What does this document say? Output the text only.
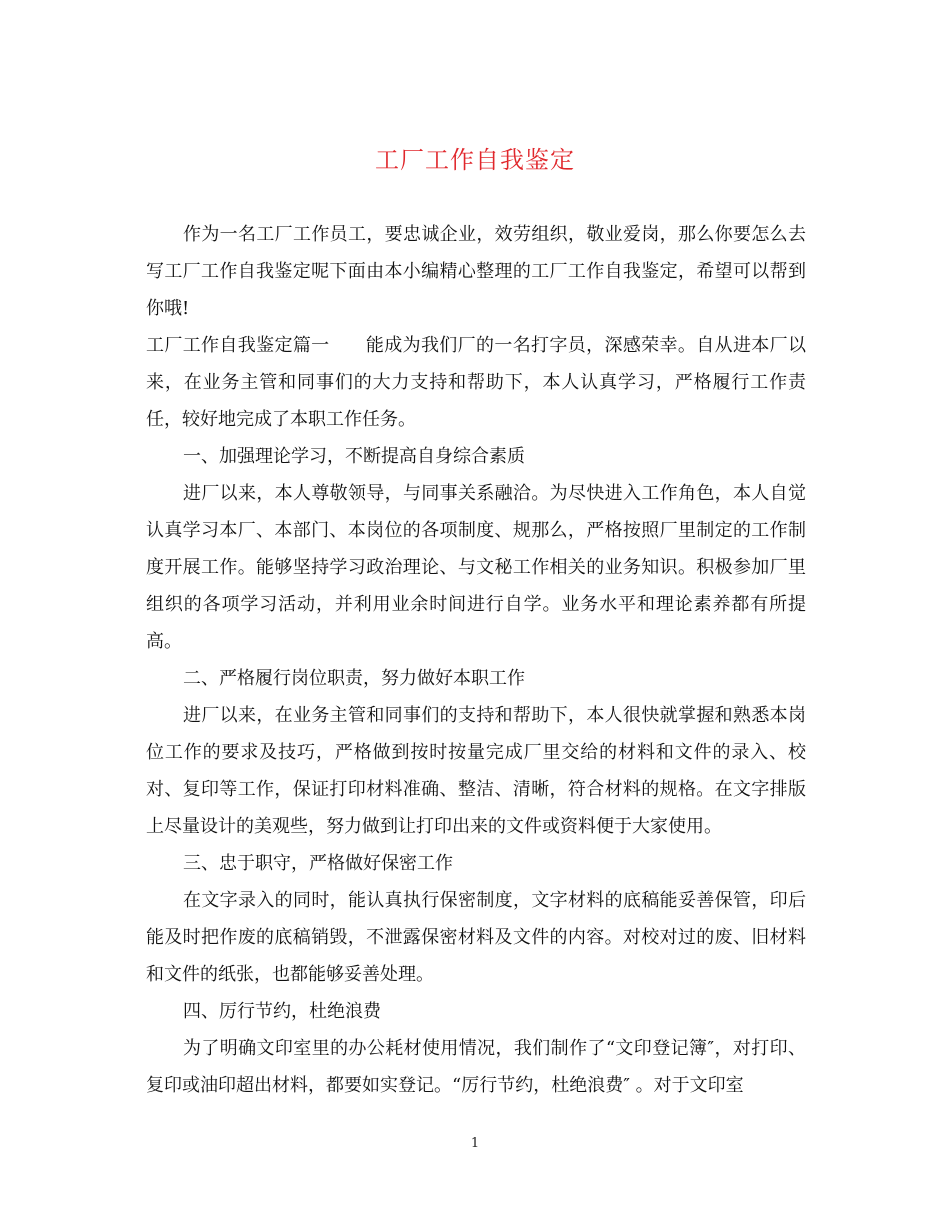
工厂工作自我鉴定

作为一名工厂工作员工，要忠诚企业，效劳组织，敬业爱岗，那么你要怎么去写工厂工作自我鉴定呢下面由本小编精心整理的工厂工作自我鉴定，希望可以帮到你哦!

工厂工作自我鉴定篇一 能成为我们厂的一名打字员，深感荣幸。自从进本厂以来，在业务主管和同事们的大力支持和帮助下，本人认真学习，严格履行工作责任，较好地完成了本职工作任务。

一、加强理论学习，不断提高自身综合素质

进厂以来，本人尊敬领导，与同事关系融洽。为尽快进入工作角色，本人自觉认真学习本厂、本部门、本岗位的各项制度、规那么，严格按照厂里制定的工作制度开展工作。能够坚持学习政治理论、与文秘工作相关的业务知识。积极参加厂里组织的各项学习活动，并利用业余时间进行自学。业务水平和理论素养都有所提高。

二、严格履行岗位职责，努力做好本职工作

进厂以来，在业务主管和同事们的支持和帮助下，本人很快就掌握和熟悉本岗位工作的要求及技巧，严格做到按时按量完成厂里交给的材料和文件的录入、校对、复印等工作，保证打印材料准确、整洁、清晰，符合材料的规格。在文字排版上尽量设计的美观些，努力做到让打印出来的文件或资料便于大家使用。

三、忠于职守，严格做好保密工作

在文字录入的同时，能认真执行保密制度，文字材料的底稿能妥善保管，印后能及时把作废的底稿销毁，不泄露保密材料及文件的内容。对校对过的废、旧材料和文件的纸张，也都能够妥善处理。

四、厉行节约，杜绝浪费

为了明确文印室里的办公耗材使用情况，我们制作了“文印登记簿″，对打印、复印或油印超出材料，都要如实登记。“厉行节约，杜绝浪费″ 。对于文印室

1
